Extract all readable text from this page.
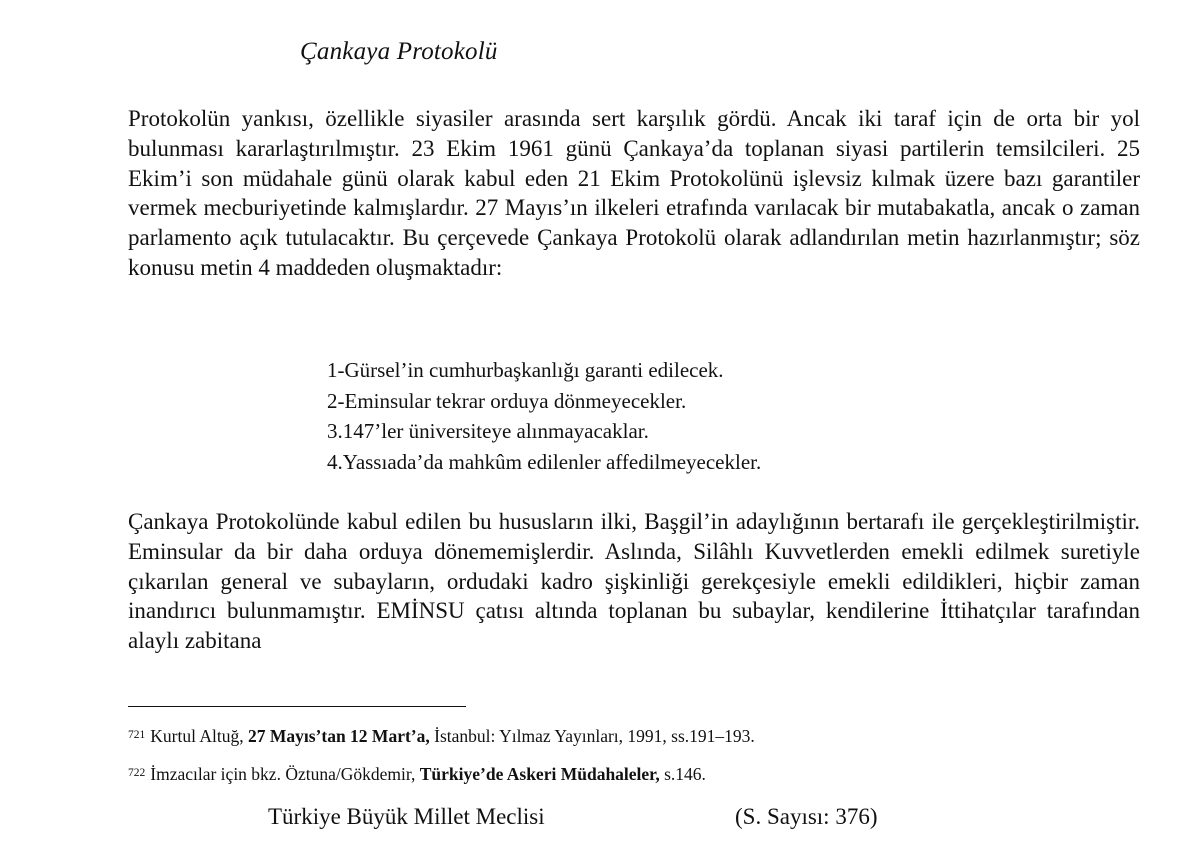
Çankaya Protokolü

Protokolün yankısı, özellikle siyasiler arasında sert karşılık gördü. Ancak iki taraf için de orta bir yol bulunması kararlaştırılmıştır. 23 Ekim 1961 günü Çankaya’da toplanan siyasi partilerin temsilcileri. 25 Ekim’i son müdahale günü olarak kabul eden 21 Ekim Protokolünü işlevsiz kılmak üzere bazı garantiler vermek mecburiyetinde kalmışlardır. 27 Mayıs’ın ilkeleri etrafında varılacak bir mutabakatla, ancak o zaman parlamento açık tutulacaktır. Bu çerçevede Çankaya Protokolü olarak adlandırılan metin hazırlanmıştır; söz konusu metin 4 maddeden oluşmaktadır:

1-Gürsel’in cumhurbaşkanlığı garanti edilecek.
2-Eminsular tekrar orduya dönmeyecekler.
3.147’ler üniversiteye alınmayacaklar.
4.Yassıada’da mahkûm edilenler affedilmeyecekler.

Çankaya Protokolünde kabul edilen bu hususların ilki, Başgil’in adaylığının bertarafı ile gerçekleştirilmiştir. Eminsular da bir daha orduya dönememişlerdir. Aslında, Silâhlı Kuvvetlerden emekli edilmek suretiyle çıkarılan general ve subayların, ordudaki kadro şişkinliği gerekçesiyle emekli edildikleri, hiçbir zaman inandırıcı bulunmamıştır. EMİNSU çatısı altında toplanan bu subaylar, kendilerine İttihatçılar tarafından alaylı zabitana

$^{721}$ Kurtul Altuğ, 27 Mayıs’tan 12 Mart’a, İstanbul: Yılmaz Yayınları, 1991, ss.191–193.
$^{722}$ İmzacılar için bkz. Öztuna/Gökdemir, Türkiye’de Askeri Müdahaleler, s.146.
Türkiye Büyük Millet Meclisi	(S. Sayısı: 376)
